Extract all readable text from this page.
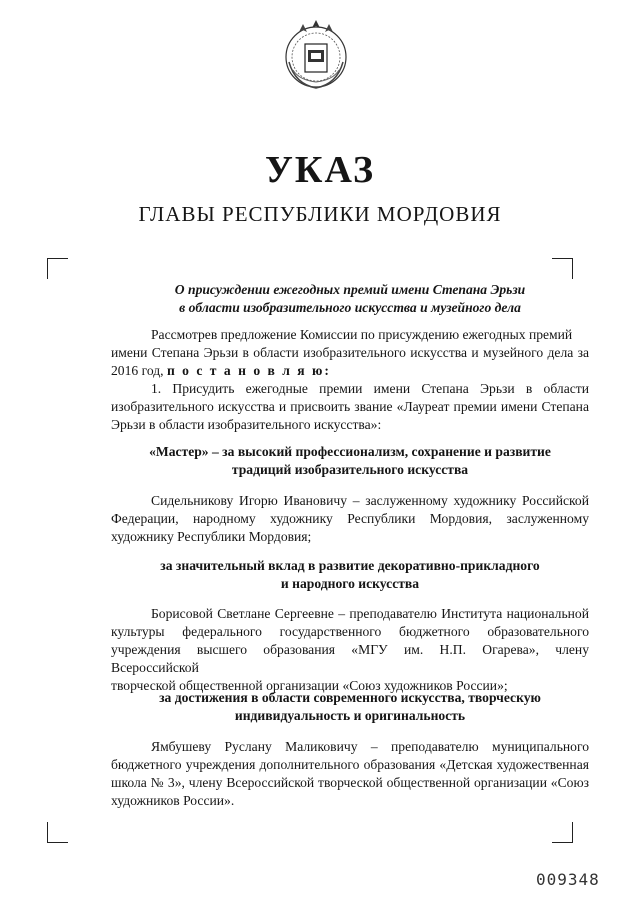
УКАЗ
ГЛАВЫ РЕСПУБЛИКИ МОРДОВИЯ
О присуждении ежегодных премий имени Степана Эрьзи
в области изобразительного искусства и музейного дела
Рассмотрев предложение Комиссии по присуждению ежегодных премий
имени Степана Эрьзи в области изобразительного искусства и музейного дела за
2016 год, п о с т а н о в л я ю:
1. Присудить ежегодные премии имени Степана Эрьзи в области
изобразительного искусства и присвоить звание «Лауреат премии имени Степана
Эрьзи в области изобразительного искусства»:
«Мастер» – за высокий профессионализм, сохранение и развитие
традиций изобразительного искусства
Сидельникову Игорю Ивановичу – заслуженному художнику Российской
Федерации, народному художнику Республики Мордовия, заслуженному
художнику Республики Мордовия;
за значительный вклад в развитие декоративно-прикладного
и народного искусства
Борисовой Светлане Сергеевне – преподавателю Института национальной
культуры федерального государственного бюджетного образовательного
учреждения высшего образования «МГУ им. Н.П. Огарева», члену Всероссийской
творческой общественной организации «Союз художников России»;
за достижения в области современного искусства, творческую
индивидуальность и оригинальность
Ямбушеву Руслану Маликовичу – преподавателю муниципального
бюджетного учреждения дополнительного образования «Детская художественная
школа № 3», члену Всероссийской творческой общественной организации «Союз
художников России».
009348
